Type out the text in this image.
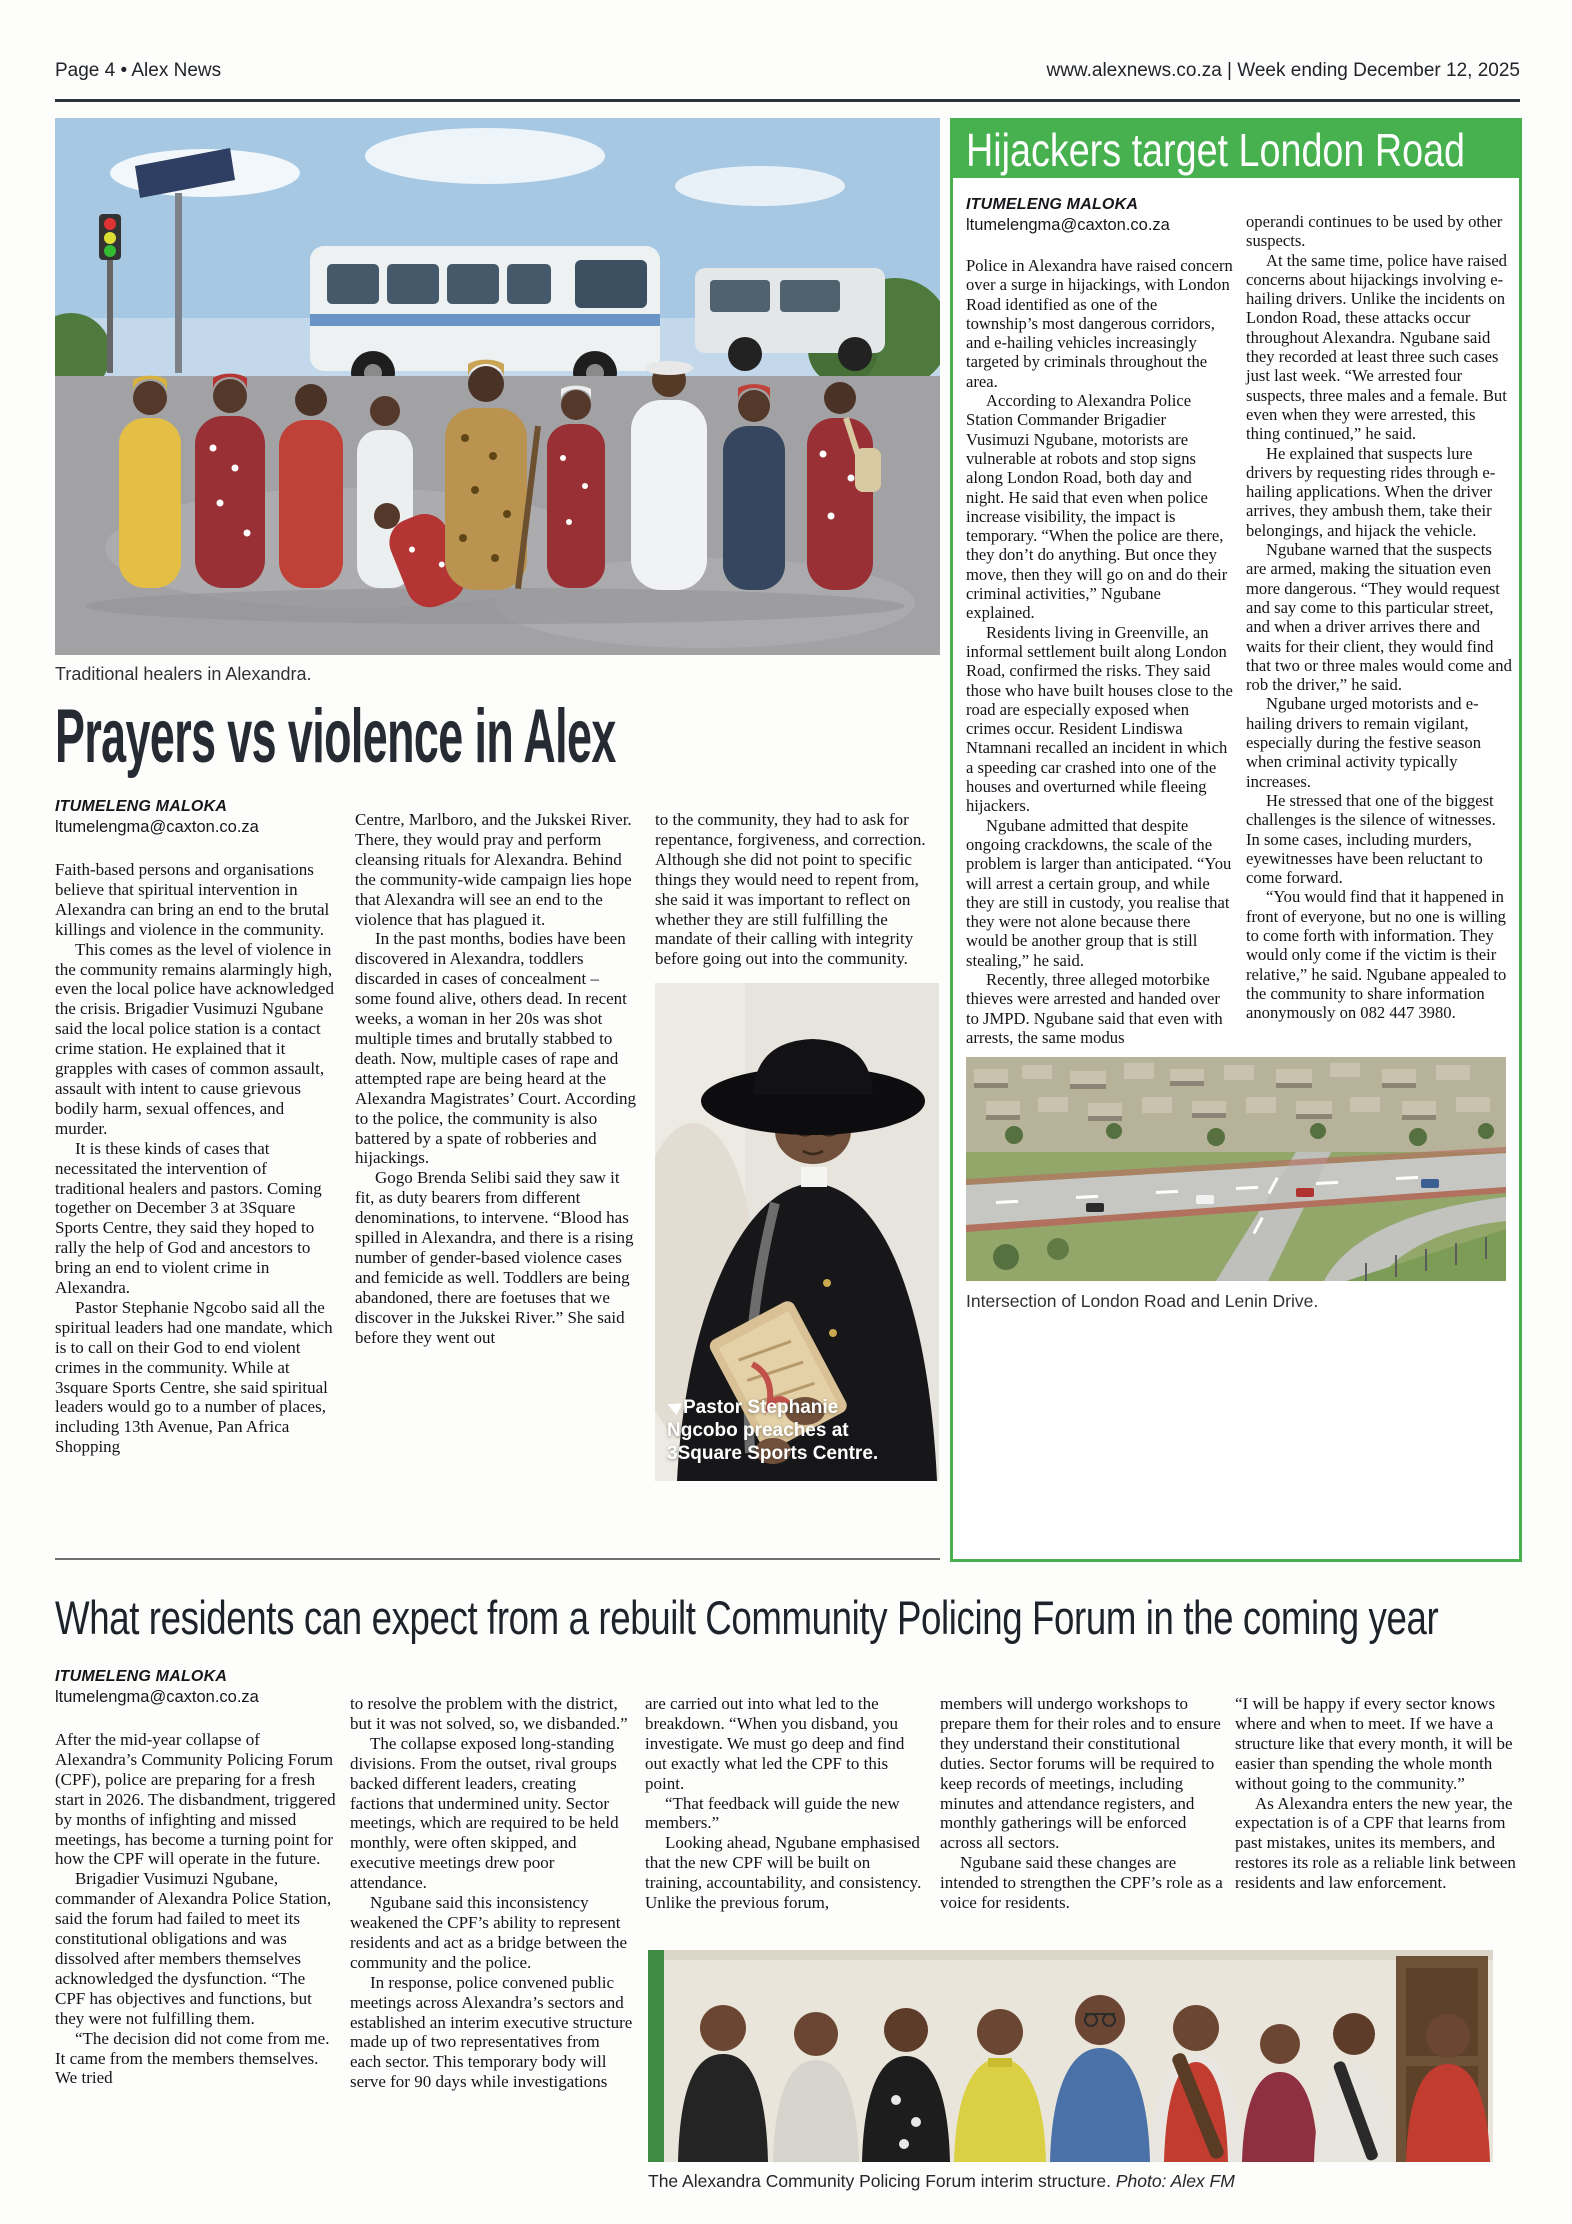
Page 4 • Alex News	www.alexnews.co.za | Week ending December 12, 2025
Traditional healers in Alexandra.
Prayers vs violence in Alex
ITUMELENG MALOKA
ltumelengma@caxton.co.za

Faith-based persons and organisations believe that spiritual intervention in Alexandra can bring an end to the brutal killings and violence in the community.

This comes as the level of violence in the community remains alarmingly high, even the local police have acknowledged the crisis. Brigadier Vusimuzi Ngubane said the local police station is a contact crime station. He explained that it grapples with cases of common assault, assault with intent to cause grievous bodily harm, sexual offences, and murder.

It is these kinds of cases that necessitated the intervention of traditional healers and pastors. Coming together on December 3 at 3Square Sports Centre, they said they hoped to rally the help of God and ancestors to bring an end to violent crime in Alexandra.

Pastor Stephanie Ngcobo said all the spiritual leaders had one mandate, which is to call on their God to end violent crimes in the community. While at 3square Sports Centre, she said spiritual leaders would go to a number of places, including 13th Avenue, Pan Africa Shopping

Centre, Marlboro, and the Jukskei River. There, they would pray and perform cleansing rituals for Alexandra. Behind the community-wide campaign lies hope that Alexandra will see an end to the violence that has plagued it.

In the past months, bodies have been discovered in Alexandra, toddlers discarded in cases of concealment – some found alive, others dead. In recent weeks, a woman in her 20s was shot multiple times and brutally stabbed to death. Now, multiple cases of rape and attempted rape are being heard at the Alexandra Magistrates’ Court. According to the police, the community is also battered by a spate of robberies and hijackings.

Gogo Brenda Selibi said they saw it fit, as duty bearers from different denominations, to intervene. “Blood has spilled in Alexandra, and there is a rising number of gender-based violence cases and femicide as well. Toddlers are being abandoned, there are foetuses that we discover in the Jukskei River.” She said before they went out

to the community, they had to ask for repentance, forgiveness, and correction. Although she did not point to specific things they would need to repent from, she said it was important to reflect on whether they are still fulfilling the mandate of their calling with integrity before going out into the community.

Pastor Stephanie Ngcobo preaches at 3Square Sports Centre.
Hijackers target London Road
ITUMELENG MALOKA
ltumelengma@caxton.co.za

Police in Alexandra have raised concern over a surge in hijackings, with London Road identified as one of the township’s most dangerous corridors, and e-hailing vehicles increasingly targeted by criminals throughout the area.

According to Alexandra Police Station Commander Brigadier Vusimuzi Ngubane, motorists are vulnerable at robots and stop signs along London Road, both day and night. He said that even when police increase visibility, the impact is temporary. “When the police are there, they don’t do anything. But once they move, then they will go on and do their criminal activities,” Ngubane explained.

Residents living in Greenville, an informal settlement built along London Road, confirmed the risks. They said those who have built houses close to the road are especially exposed when crimes occur. Resident Lindiswa Ntamnani recalled an incident in which a speeding car crashed into one of the houses and overturned while fleeing hijackers.

Ngubane admitted that despite ongoing crackdowns, the scale of the problem is larger than anticipated. “You will arrest a certain group, and while they are still in custody, you realise that they were not alone because there would be another group that is still stealing,” he said.

Recently, three alleged motorbike thieves were arrested and handed over to JMPD. Ngubane said that even with arrests, the same modus

operandi continues to be used by other suspects.

At the same time, police have raised concerns about hijackings involving e-hailing drivers. Unlike the incidents on London Road, these attacks occur throughout Alexandra. Ngubane said they recorded at least three such cases just last week. “We arrested four suspects, three males and a female. But even when they were arrested, this thing continued,” he said.

He explained that suspects lure drivers by requesting rides through e-hailing applications. When the driver arrives, they ambush them, take their belongings, and hijack the vehicle.

Ngubane warned that the suspects are armed, making the situation even more dangerous. “They would request and say come to this particular street, and when a driver arrives there and waits for their client, they would find that two or three males would come and rob the driver,” he said.

Ngubane urged motorists and e-hailing drivers to remain vigilant, especially during the festive season when criminal activity typically increases.

He stressed that one of the biggest challenges is the silence of witnesses. In some cases, including murders, eyewitnesses have been reluctant to come forward.

“You would find that it happened in front of everyone, but no one is willing to come forth with information. They would only come if the victim is their relative,” he said. Ngubane appealed to the community to share information anonymously on 082 447 3980.

Intersection of London Road and Lenin Drive.
What residents can expect from a rebuilt Community Policing Forum in the coming year
ITUMELENG MALOKA
ltumelengma@caxton.co.za

After the mid-year collapse of Alexandra’s Community Policing Forum (CPF), police are preparing for a fresh start in 2026. The disbandment, triggered by months of infighting and missed meetings, has become a turning point for how the CPF will operate in the future.

Brigadier Vusimuzi Ngubane, commander of Alexandra Police Station, said the forum had failed to meet its constitutional obligations and was dissolved after members themselves acknowledged the dysfunction. “The CPF has objectives and functions, but they were not fulfilling them.

“The decision did not come from me. It came from the members themselves. We tried

to resolve the problem with the district, but it was not solved, so, we disbanded.”

The collapse exposed long-standing divisions. From the outset, rival groups backed different leaders, creating factions that undermined unity. Sector meetings, which are required to be held monthly, were often skipped, and executive meetings drew poor attendance.

Ngubane said this inconsistency weakened the CPF’s ability to represent residents and act as a bridge between the community and the police.

In response, police convened public meetings across Alexandra’s sectors and established an interim executive structure made up of two representatives from each sector. This temporary body will serve for 90 days while investigations

are carried out into what led to the breakdown. “When you disband, you investigate. We must go deep and find out exactly what led the CPF to this point.

“That feedback will guide the new members.”

Looking ahead, Ngubane emphasised that the new CPF will be built on training, accountability, and consistency. Unlike the previous forum,

members will undergo workshops to prepare them for their roles and to ensure they understand their constitutional duties. Sector forums will be required to keep records of meetings, including minutes and attendance registers, and monthly gatherings will be enforced across all sectors.

Ngubane said these changes are intended to strengthen the CPF’s role as a voice for residents.

“I will be happy if every sector knows where and when to meet. If we have a structure like that every month, it will be easier than spending the whole month without going to the community.”

As Alexandra enters the new year, the expectation is of a CPF that learns from past mistakes, unites its members, and restores its role as a reliable link between residents and law enforcement.

The Alexandra Community Policing Forum interim structure. Photo: Alex FM
